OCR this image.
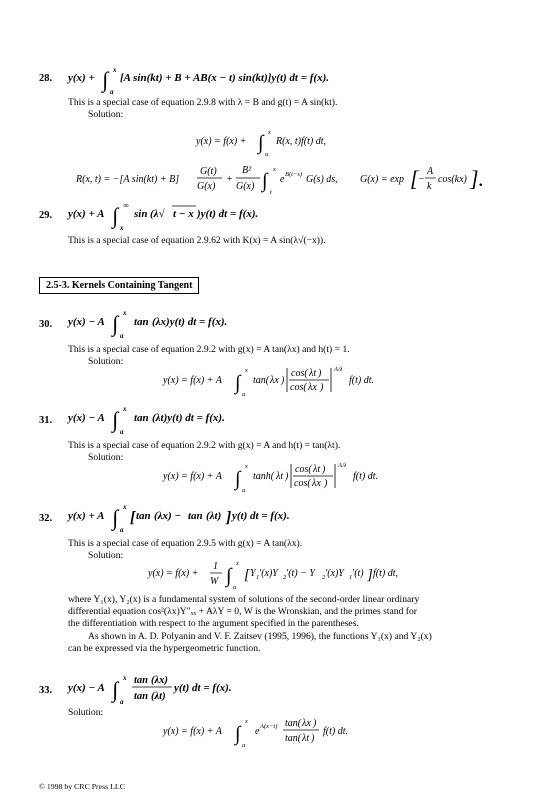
28. y(x) + ∫ x
a
[A sin(kt) + B + AB(x − t) sin(kt)]y(t) dt = f(x).
This is a special case of equation 2.9.8 with λ = B and g(t) = A sin(kt).
Solution:
y(x) = f(x) + ∫ x
a
R(x, t)f(t) dt,
R(x, t) = −[A sin(kt) + B]
G(t)
G(x)
+
B²
G(x) ∫
x
t
e B(t−s) G(s) ds, G(x) = exp [ −
A
k
cos(kx) ].
29. y(x) + A ∫ ∞
x
sin (λ√ t − x )y(t) dt = f(x).
This is a special case of equation 2.9.62 with K(x) = A sin(λ√(−x)).
2.5-3. Kernels Containing Tangent
30. y(x) − A ∫ x
a
tan (λx)y(t) dt = f(x).
This is a special case of equation 2.9.2 with g(x) = A tan(λx) and h(t) = 1.
Solution:
y(x) = f(x) + A ∫
x
a
tan( λx )
cos( λt )
cos( λx )
A/λ
f(t) dt.
31. y(x) − A ∫ x
a
tan (λt)y(t) dt = f(x).
This is a special case of equation 2.9.2 with g(x) = A and h(t) = tan(λt).
Solution:
y(x) = f(x) + A ∫
x
a
tanh( λt )
cos( λt )
cos( λx )
A/λ
f(t) dt.
32. y(x) + A ∫ x
a
[ tan (λx) − tan (λt) ] y(t) dt = f(x).
This is a special case of equation 2.9.5 with g(x) = A tan(λx).
Solution:
y(x) = f(x) +
1
W ∫
x
a
[ Y 1 ′(x)Y 2 ′(t) − Y 2 ′(x)Y 1 ′(t) ] f(t) dt,
where Y₁(x), Y₂(x) is a fundamental system of solutions of the second-order linear ordinary
differential equation cos²(λx)Y″ₓₓ + AλY = 0, W is the Wronskian, and the primes stand for
the differentiation with respect to the argument specified in the parentheses.
As shown in A. D. Polyanin and V. F. Zaitsev (1995, 1996), the functions Y₁(x) and Y₂(x)
can be expressed via the hypergeometric function.
33. y(x) − A ∫ x
a
tan (λx)
tan (λt)
y(t) dt = f(x).
Solution:
y(x) = f(x) + A ∫
x
a
e A(x−t) tan( λx )
tan( λt )
f(t) dt.
© 1998 by CRC Press LLC
